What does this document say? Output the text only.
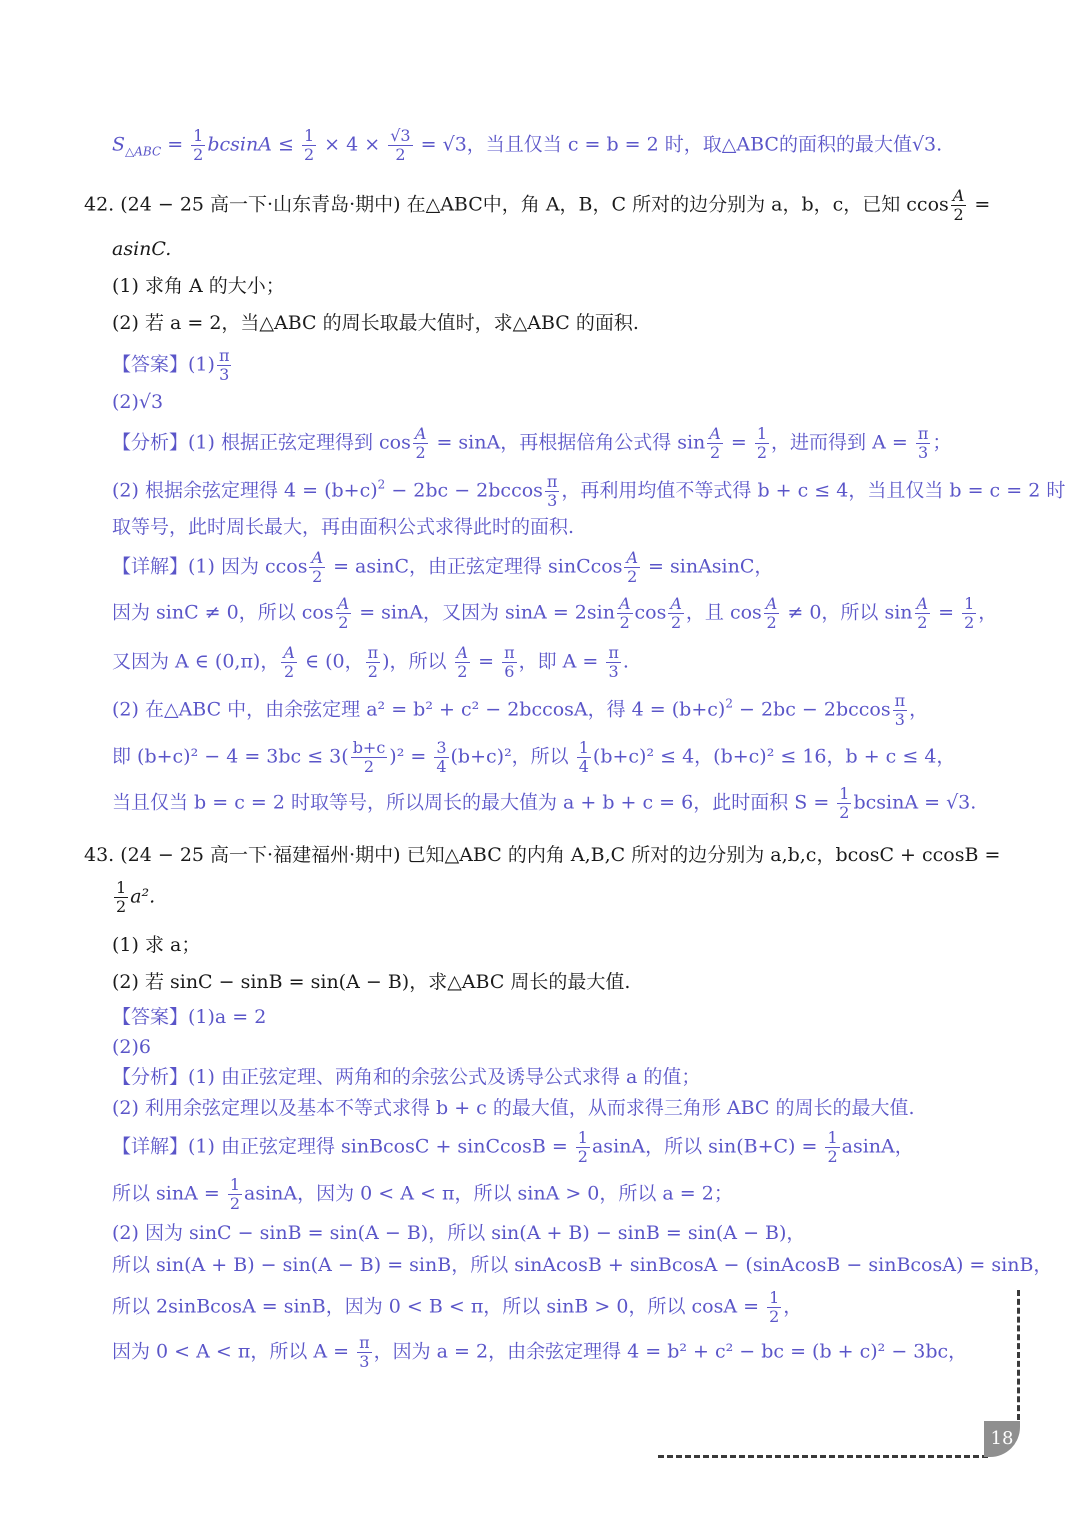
$S_{\triangle ABC} = \frac{1}{2}$ $bcsinA \le \frac{1}{2} \times 4 \times \frac{√3}{2} = √3$，当且仅当 c = b = 2 时，取△ABC的面积的最大值√3.
42. (24 − 25 高一下·山东青岛·期中) 在△ABC中，角 A，B，C 所对的边分别为 a，b，c，已知 ccos $\frac{A}{2}$ =
asinC.
(1) 求角 A 的大小；
(2) 若 a = 2，当△ABC 的周长取最大值时，求△ABC 的面积.
【答案】$(1) \frac{\pi}{3}$
(2)√3
【分析】(1) 根据正弦定理得到 $\cos \frac{A}{2} = \sin A$，再根据倍角公式得 $\sin \frac{A}{2} = \frac{1}{2}$ ，进而得到 $A = \frac{\pi}{3}$ ；
(2) 根据余弦定理得 $4 = (b+c)^2 - 2bc - 2bccos \frac{\pi}{3}$ ，再利用均值不等式得 b + c ≤ 4，当且仅当 b = c = 2 时
取等号，此时周长最大，再由面积公式求得此时的面积.
【详解】(1) 因为 ccos $\frac{A}{2} = asinC$，由正弦定理得 sinCcos $\frac{A}{2}$ = sinAsinC，
因为 sinC ≠ 0，所以 $\cos \frac{A}{2} = \sin A$，又因为 $\sin A = 2\sin \frac{A}{2}$ $\cos \frac{A}{2}$ ，且 $\cos \frac{A}{2} \ne 0$，所以 $\sin \frac{A}{2} = \frac{1}{2}$ ，
又因为 A ∈ (0,π)， $\frac{A}{2}$ ∈ (0， $\frac{\pi}{2}$ )，所以 $\frac{A}{2} = \frac{\pi}{6}$ ，即 $A = \frac{\pi}{3}$ .
(2) 在△ABC 中，由余弦定理 a² = b² + c² − 2bccosA，得 $4 = (b+c)^2 - 2bc - 2bccos \frac{\pi}{3}$ ，
即 $(b+c)^2 - 4 = 3bc \le 3( \frac{b+c}{2} )^2 = \frac{3}{4} (b+c)^2$，所以 $\frac{1}{4} (b+c)^2 \le 4$，(b+c)² ≤ 16，b + c ≤ 4，
当且仅当 b = c = 2 时取等号，所以周长的最大值为 a + b + c = 6，此时面积 $S = \frac{1}{2}$ bcsinA = √3.
43. (24 − 25 高一下·福建福州·期中) 已知△ABC 的内角 A,B,C 所对的边分别为 a,b,c，bcosC + ccosB =
$\frac{1}{2} a^2$.
(1) 求 a；
(2) 若 sinC − sinB = sin(A − B)，求△ABC 周长的最大值.
【答案】(1)a = 2
(2)6
【分析】(1) 由正弦定理、两角和的余弦公式及诱导公式求得 a 的值；
(2) 利用余弦定理以及基本不等式求得 b + c 的最大值，从而求得三角形 ABC 的周长的最大值.
【详解】(1) 由正弦定理得 sinBcosC + sinCcosB = $\frac{1}{2}$ asinA，所以 $\sin(B+C) = \frac{1}{2}$ asinA，
所以 $\sin A = \frac{1}{2}$ asinA，因为 0 < A < π，所以 sinA > 0，所以 a = 2；
(2) 因为 sinC − sinB = sin(A − B)，所以 sin(A + B) − sinB = sin(A − B)，
所以 sin(A + B) − sin(A − B) = sinB，所以 sinAcosB + sinBcosA − (sinAcosB − sinBcosA) = sinB，
所以 2sinBcosA = sinB，因为 0 < B < π，所以 sinB > 0，所以 $\cos A = \frac{1}{2}$ ，
因为 0 < A < π，所以 $A = \frac{\pi}{3}$ ，因为 a = 2，由余弦定理得 4 = b² + c² − bc = (b + c)² − 3bc，
18
